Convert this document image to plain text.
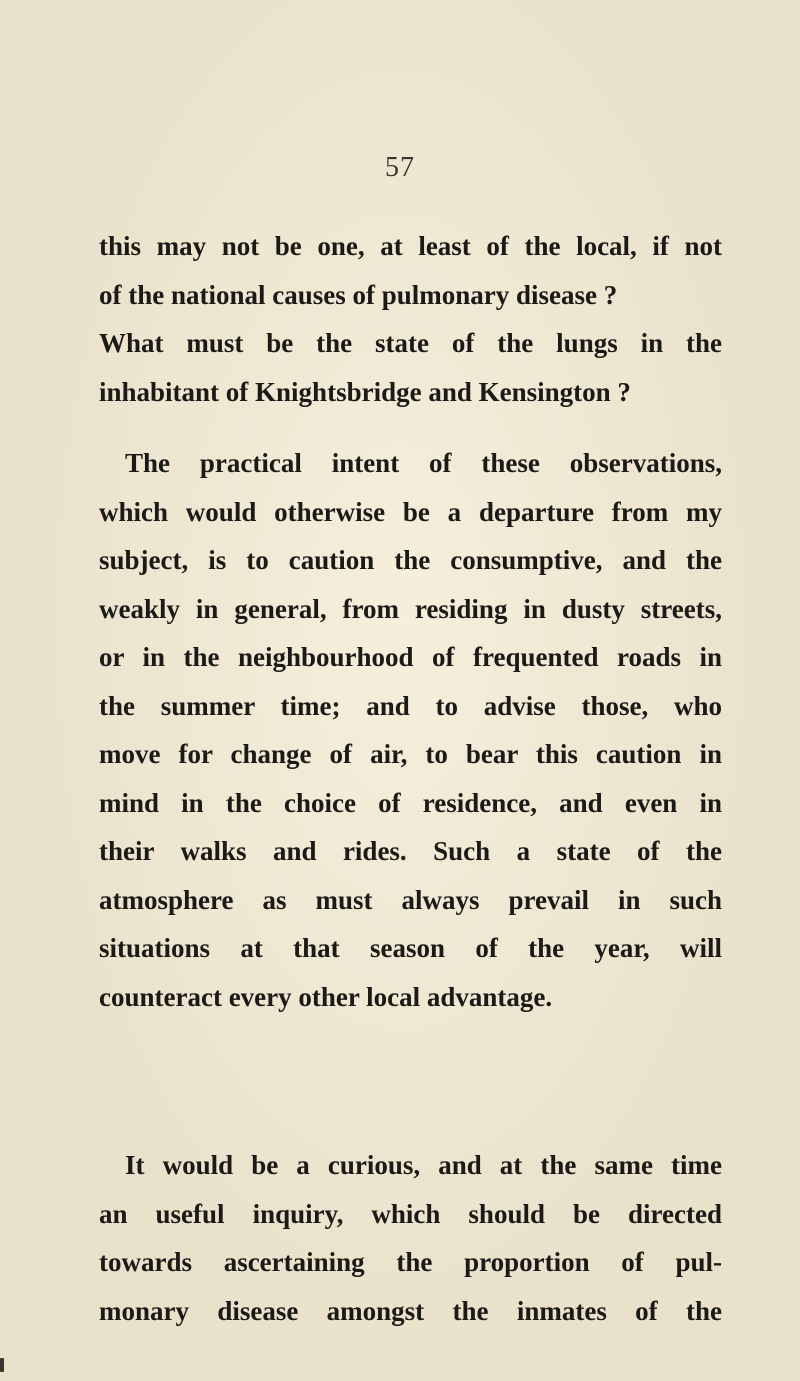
57
this may not be one, at least of the local, if not
of the national causes of pulmonary disease ?
What must be the state of the lungs in the
inhabitant of Knightsbridge and Kensington ?
The practical intent of these observations,
which would otherwise be a departure from my
subject, is to caution the consumptive, and the
weakly in general, from residing in dusty streets,
or in the neighbourhood of frequented roads in
the summer time; and to advise those, who
move for change of air, to bear this caution in
mind in the choice of residence, and even in
their walks and rides. Such a state of the
atmosphere as must always prevail in such
situations at that season of the year, will
counteract every other local advantage.
It would be a curious, and at the same time
an useful inquiry, which should be directed
towards ascertaining the proportion of pul-
monary disease amongst the inmates of the
